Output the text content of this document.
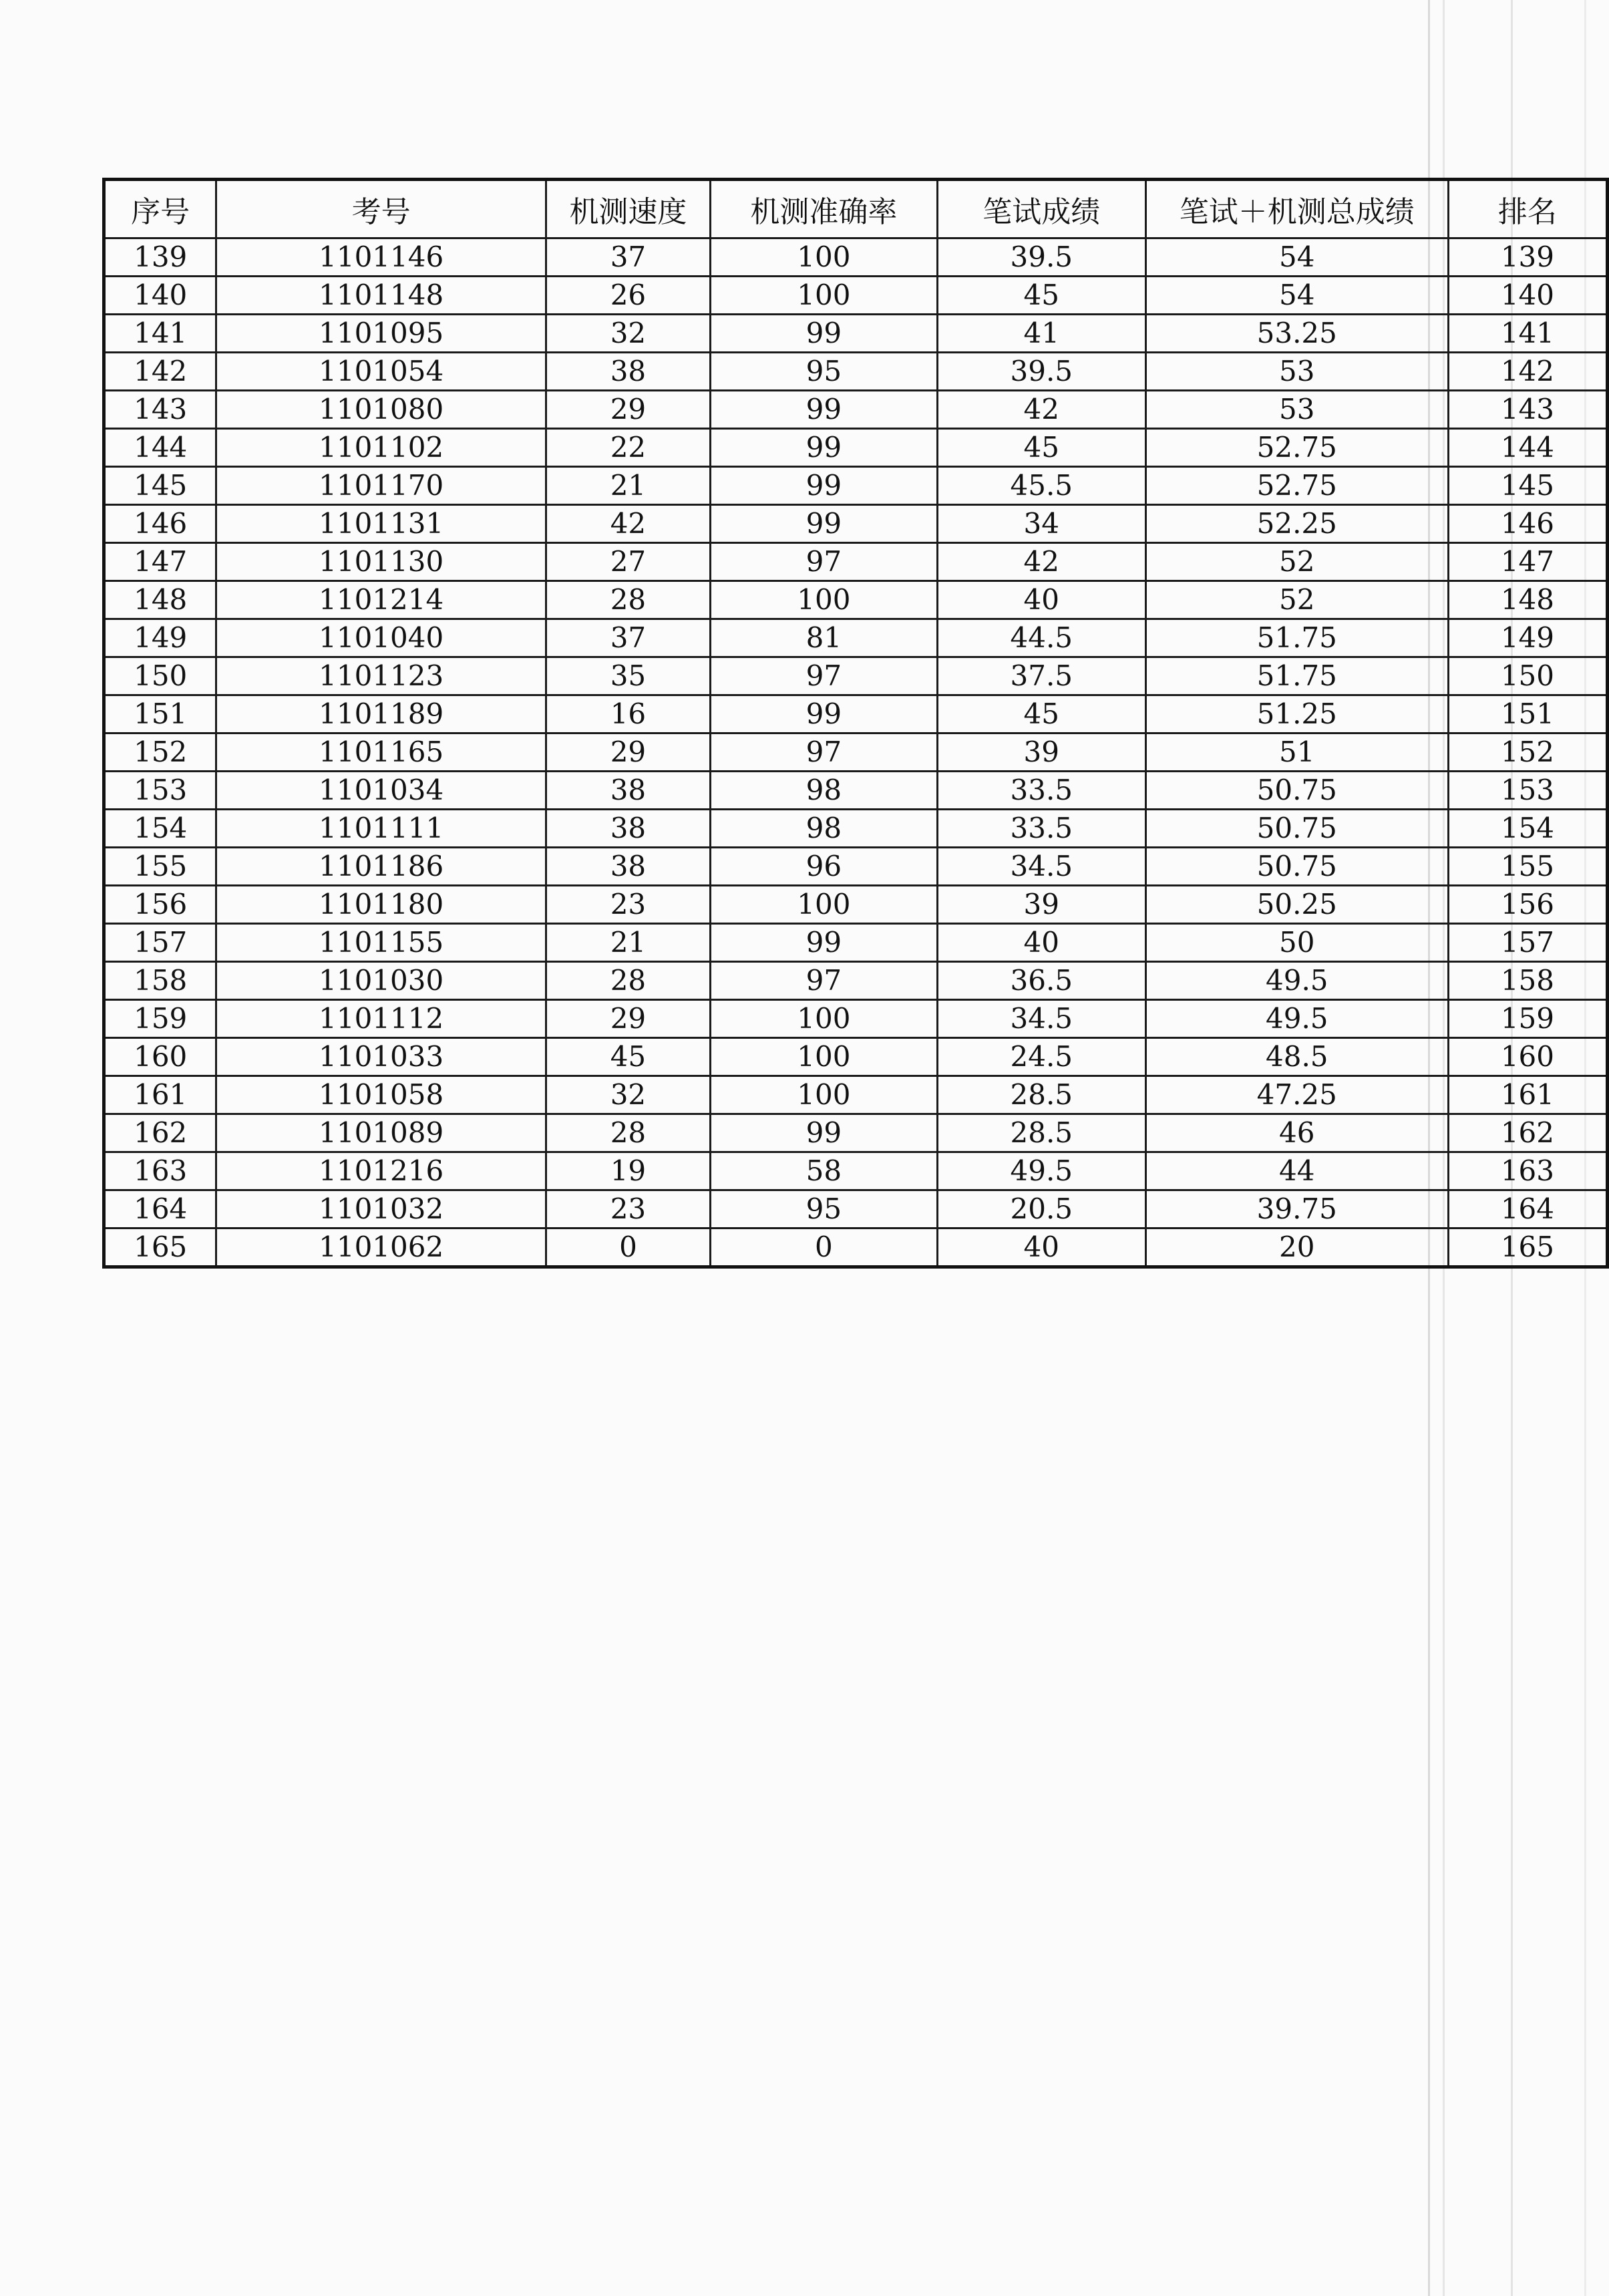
序号	考号	机测速度	机测准确率	笔试成绩	笔试＋机测总成绩	排名
139	1101146	37	100	39.5	54	139
140	1101148	26	100	45	54	140
141	1101095	32	99	41	53.25	141
142	1101054	38	95	39.5	53	142
143	1101080	29	99	42	53	143
144	1101102	22	99	45	52.75	144
145	1101170	21	99	45.5	52.75	145
146	1101131	42	99	34	52.25	146
147	1101130	27	97	42	52	147
148	1101214	28	100	40	52	148
149	1101040	37	81	44.5	51.75	149
150	1101123	35	97	37.5	51.75	150
151	1101189	16	99	45	51.25	151
152	1101165	29	97	39	51	152
153	1101034	38	98	33.5	50.75	153
154	1101111	38	98	33.5	50.75	154
155	1101186	38	96	34.5	50.75	155
156	1101180	23	100	39	50.25	156
157	1101155	21	99	40	50	157
158	1101030	28	97	36.5	49.5	158
159	1101112	29	100	34.5	49.5	159
160	1101033	45	100	24.5	48.5	160
161	1101058	32	100	28.5	47.25	161
162	1101089	28	99	28.5	46	162
163	1101216	19	58	49.5	44	163
164	1101032	23	95	20.5	39.75	164
165	1101062	0	0	40	20	165
